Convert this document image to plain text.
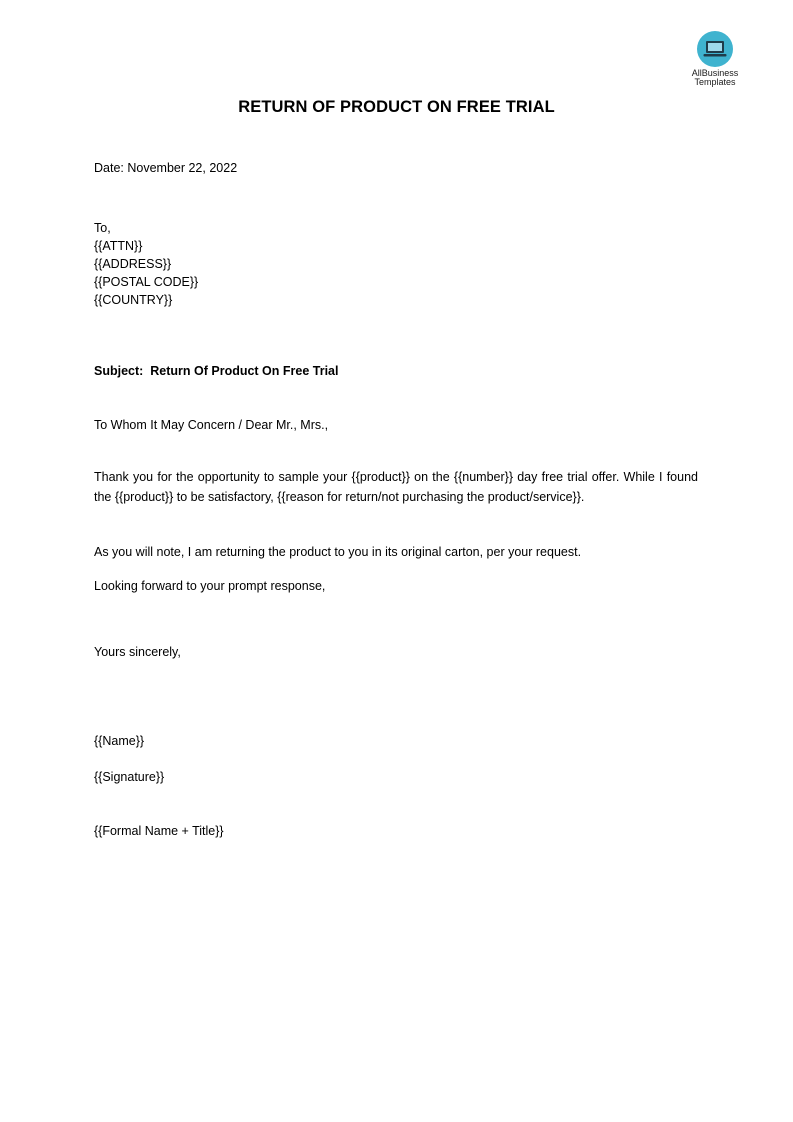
AllBusiness
Templates
RETURN OF PRODUCT ON FREE TRIAL
Date: November 22, 2022
To,
{{ATTN}}
{{ADDRESS}}
{{POSTAL CODE}}
{{COUNTRY}}
Subject:  Return Of Product On Free Trial
To Whom It May Concern / Dear Mr., Mrs.,
Thank you for the opportunity to sample your {{product}} on the {{number}} day free trial offer. While I found the {{product}} to be satisfactory, {{reason for return/not purchasing the product/service}}.
As you will note, I am returning the product to you in its original carton, per your request.
Looking forward to your prompt response,
Yours sincerely,
{{Name}}
{{Signature}}
{{Formal Name + Title}}
